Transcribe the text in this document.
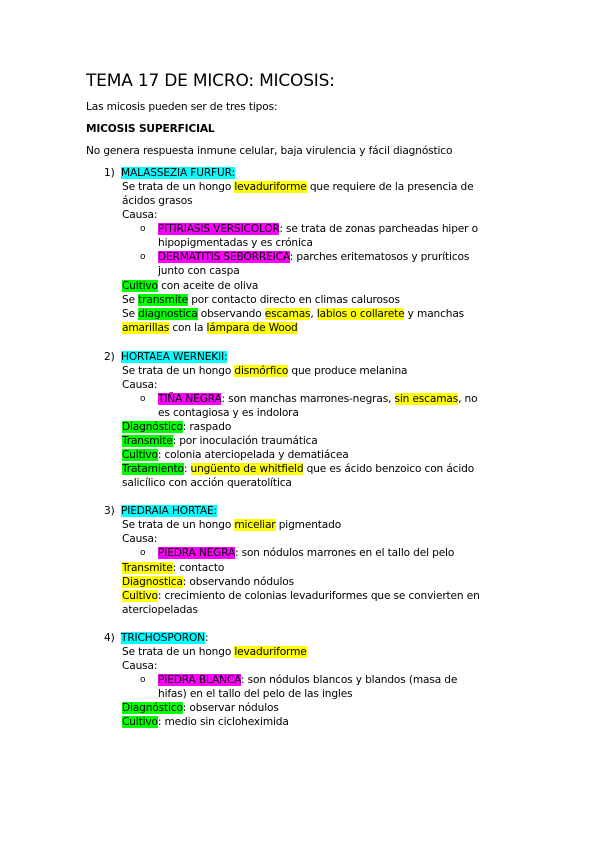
TEMA 17 DE MICRO: MICOSIS:
Las micosis pueden ser de tres tipos:
MICOSIS SUPERFICIAL
No genera respuesta inmune celular, baja virulencia y fácil diagnóstico
1) MALASSEZIA FURFUR:
Se trata de un hongo levaduriforme que requiere de la presencia de
ácidos grasos
Causa:
o PITIRIASIS VERSICOLOR: se trata de zonas parcheadas hiper o
hipopigmentadas y es crónica
o DERMATITIS SEBORREICA: parches eritematosos y pruríticos
junto con caspa
Cultivo con aceite de oliva
Se transmite por contacto directo en climas calurosos
Se diagnostica observando escamas, labios o collarete y manchas
amarillas con la lámpara de Wood
2) HORTAEA WERNEKII:
Se trata de un hongo dismórfico que produce melanina
Causa:
o TIÑA NEGRA: son manchas marrones-negras, sin escamas, no
es contagiosa y es indolora
Diagnóstico: raspado
Transmite: por inoculación traumática
Cultivo: colonia aterciopelada y dematiácea
Tratamiento: ungüento de whitfield que es ácido benzoico con ácido
salicílico con acción queratolítica
3) PIEDRAIA HORTAE:
Se trata de un hongo miceliar pigmentado
Causa:
o PIEDRA NEGRA: son nódulos marrones en el tallo del pelo
Transmite: contacto
Diagnostica: observando nódulos
Cultivo: crecimiento de colonias levaduriformes que se convierten en
aterciopeladas
4) TRICHOSPORON:
Se trata de un hongo levaduriforme
Causa:
o PIEDRA BLANCA: son nódulos blancos y blandos (masa de
hifas) en el tallo del pelo de las ingles
Diagnóstico: observar nódulos
Cultivo: medio sin cicloheximida
